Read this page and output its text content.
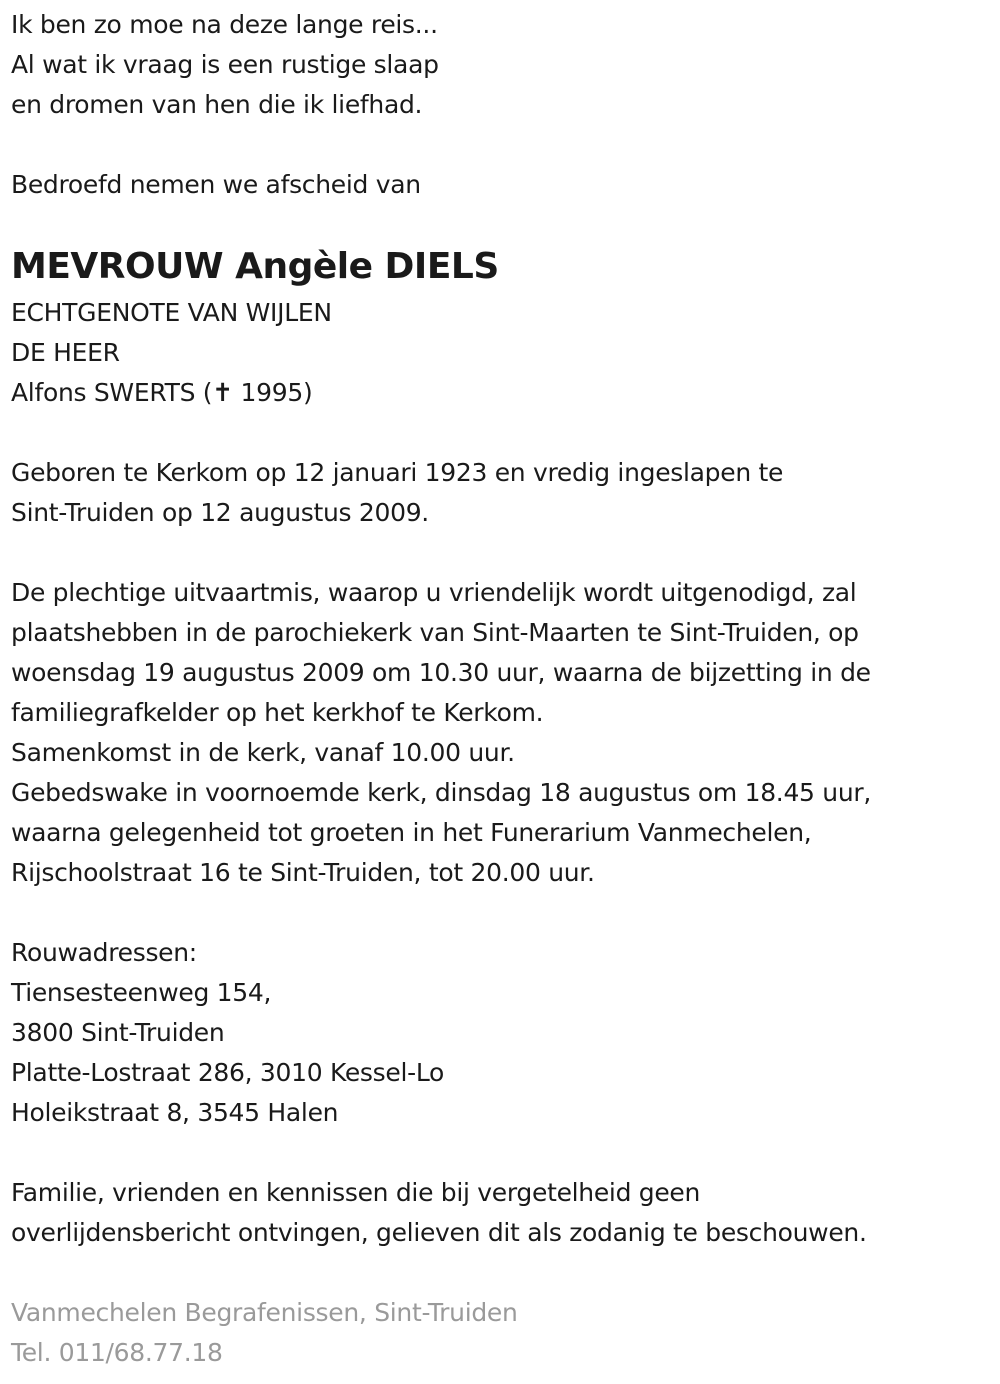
Ik ben zo moe na deze lange reis...
Al wat ik vraag is een rustige slaap
en dromen van hen die ik liefhad.
Bedroefd nemen we afscheid van
MEVROUW Angèle DIELS
ECHTGENOTE VAN WIJLEN
DE HEER
Alfons SWERTS (✝ 1995)
Geboren te Kerkom op 12 januari 1923 en vredig ingeslapen te
Sint-Truiden op 12 augustus 2009.
De plechtige uitvaartmis, waarop u vriendelijk wordt uitgenodigd, zal
plaatshebben in de parochiekerk van Sint-Maarten te Sint-Truiden, op
woensdag 19 augustus 2009 om 10.30 uur, waarna de bijzetting in de
familiegrafkelder op het kerkhof te Kerkom.
Samenkomst in de kerk, vanaf 10.00 uur.
Gebedswake in voornoemde kerk, dinsdag 18 augustus om 18.45 uur,
waarna gelegenheid tot groeten in het Funerarium Vanmechelen,
Rijschoolstraat 16 te Sint-Truiden, tot 20.00 uur.
Rouwadressen:
Tiensesteenweg 154,
3800 Sint-Truiden
Platte-Lostraat 286, 3010 Kessel-Lo
Holeikstraat 8, 3545 Halen
Familie, vrienden en kennissen die bij vergetelheid geen
overlijdensbericht ontvingen, gelieven dit als zodanig te beschouwen.
Vanmechelen Begrafenissen, Sint-Truiden
Tel. 011/68.77.18
